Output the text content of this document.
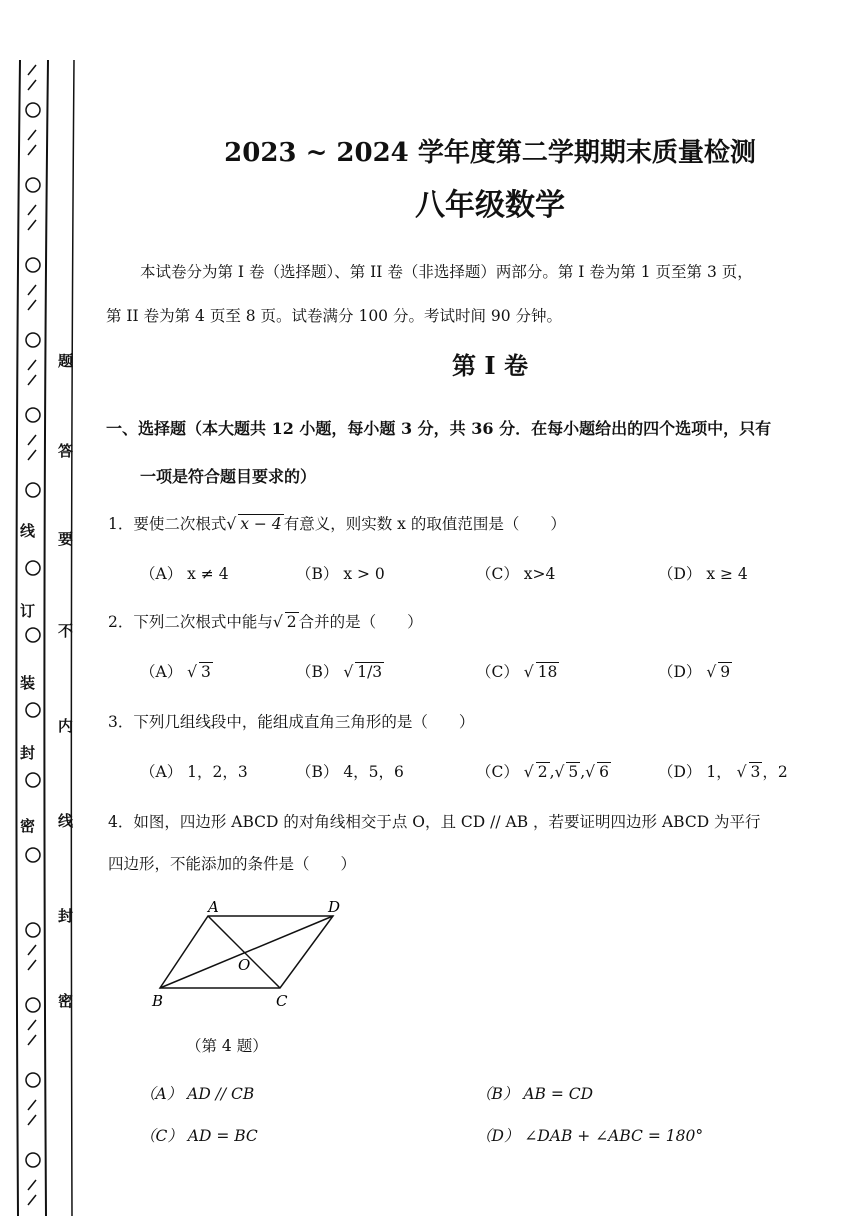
线
订
装
封
密
题
答
要
不
内
线
封
密
2023 ~ 2024 学年度第二学期期末质量检测
八年级数学
本试卷分为第 I 卷（选择题）、第 II 卷（非选择题）两部分。第 I 卷为第 1 页至第 3 页，
第 II 卷为第 4 页至 8 页。试卷满分 100 分。考试时间 90 分钟。
第 I 卷
一、选择题（本大题共 12 小题，每小题 3 分，共 36 分．在每小题给出的四个选项中，只有
一项是符合题目要求的）
1．要使二次根式√ x − 4 有意义，则实数 x 的取值范围是（　　）
（A） x ≠ 4	（B） x > 0	（C） x>4	（D） x ≥ 4
2．下列二次根式中能与√ 2 合并的是（　　）
（A） √ 3	（B） √ 1/3	（C） √ 18	（D） √ 9
3．下列几组线段中，能组成直角三角形的是（　　）
（A） 1，2，3	（B） 4，5，6	（C） √ 2 ,√ 5 ,√ 6	（D） 1， √ 3 ，2
4．如图，四边形 ABCD 的对角线相交于点 O，且 CD // AB ，若要证明四边形 ABCD 为平行
四边形，不能添加的条件是（　　）
A	D
B	C
O
（第 4 题）
（A） AD // CB	（B） AB = CD
（C） AD = BC	（D） ∠DAB + ∠ABC = 180°
